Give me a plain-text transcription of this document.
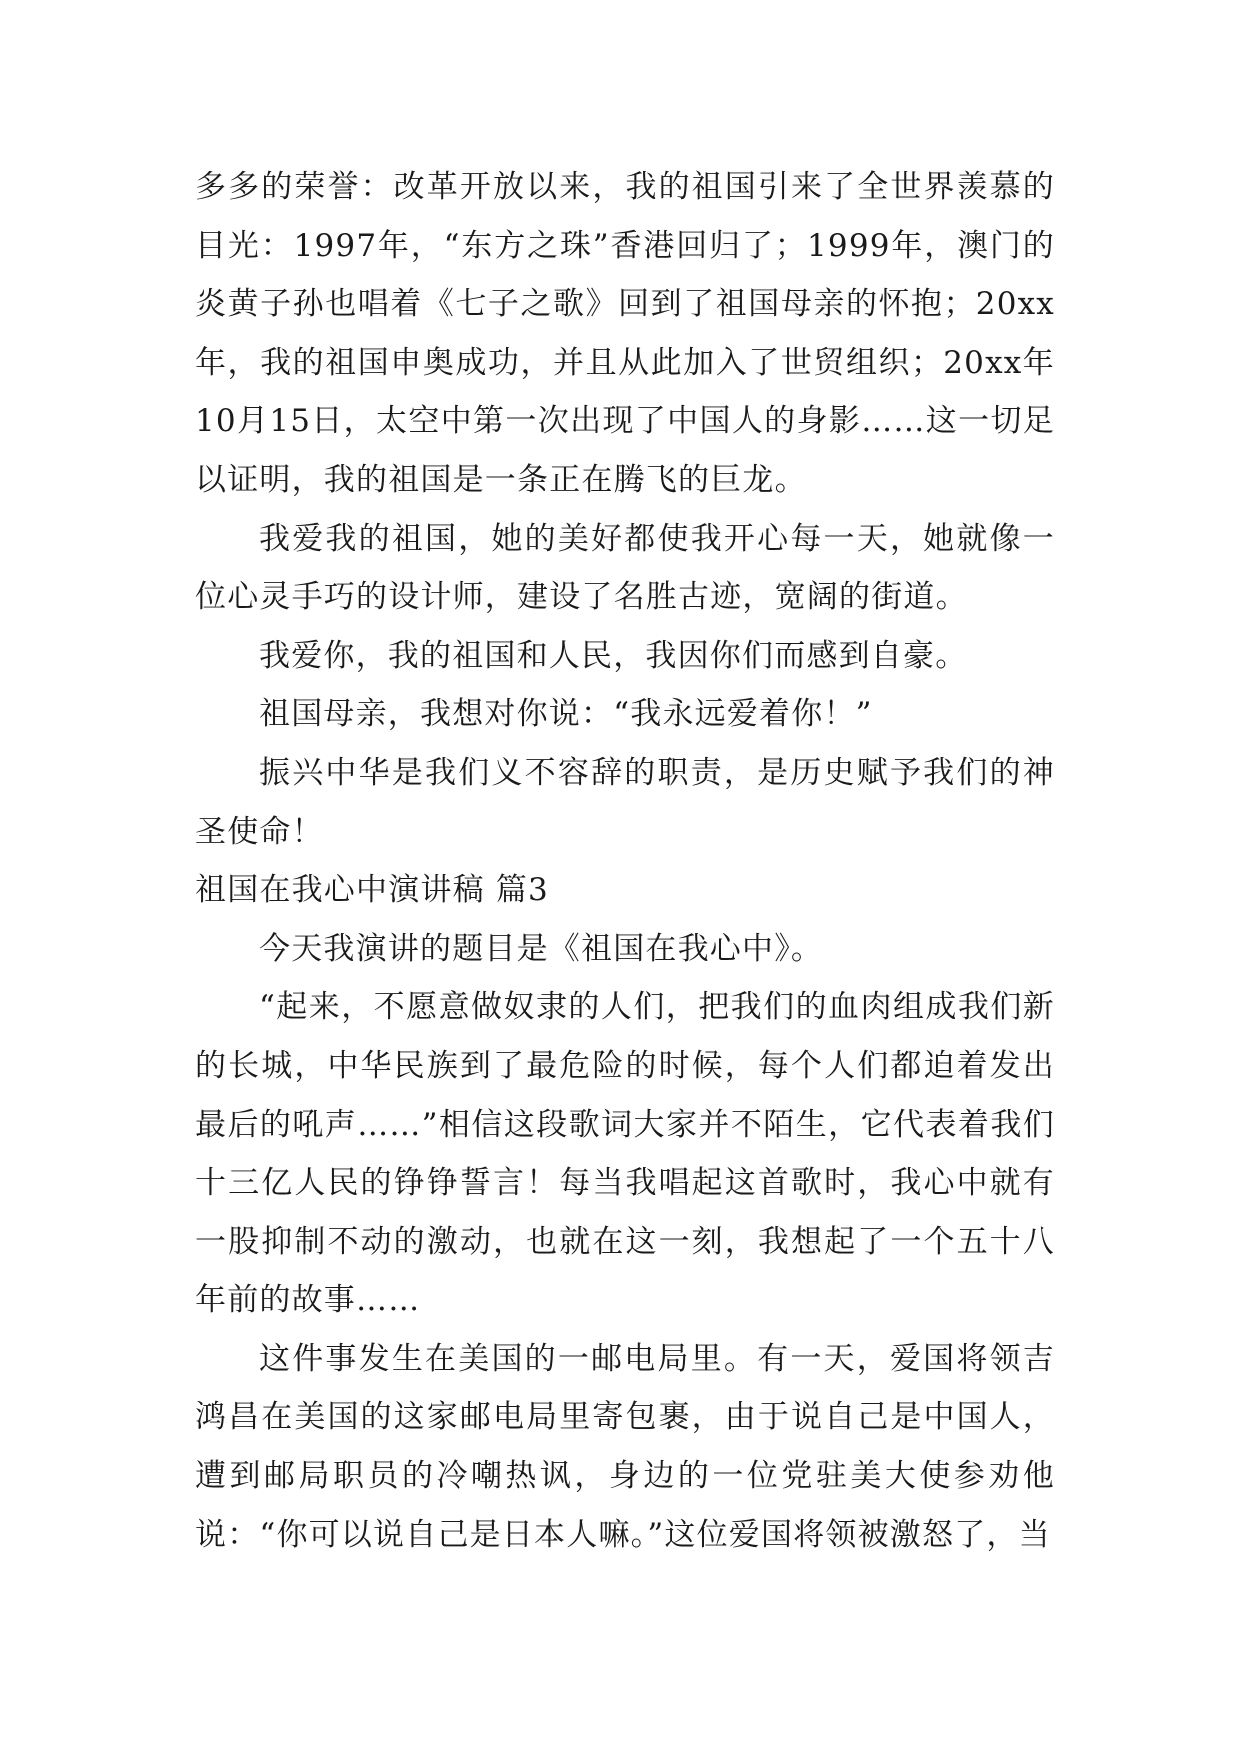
多多的荣誉：改革开放以来，我的祖国引来了全世界羡慕的目光：1997年，“东方之珠”香港回归了；1999年，澳门的炎黄子孙也唱着《七子之歌》回到了祖国母亲的怀抱；20xx年，我的祖国申奥成功，并且从此加入了世贸组织；20xx年10月15日，太空中第一次出现了中国人的身影……这一切足以证明，我的祖国是一条正在腾飞的巨龙。

我爱我的祖国，她的美好都使我开心每一天，她就像一位心灵手巧的设计师，建设了名胜古迹，宽阔的街道。

我爱你，我的祖国和人民，我因你们而感到自豪。

祖国母亲，我想对你说：“我永远爱着你！”

振兴中华是我们义不容辞的职责，是历史赋予我们的神圣使命！

祖国在我心中演讲稿 篇3

今天我演讲的题目是《祖国在我心中》。

“起来，不愿意做奴隶的人们，把我们的血肉组成我们新的长城，中华民族到了最危险的时候，每个人们都迫着发出最后的吼声……”相信这段歌词大家并不陌生，它代表着我们十三亿人民的铮铮誓言！每当我唱起这首歌时，我心中就有一股抑制不动的激动，也就在这一刻，我想起了一个五十八年前的故事……

这件事发生在美国的一邮电局里。有一天，爱国将领吉鸿昌在美国的这家邮电局里寄包裹，由于说自己是中国人，遭到邮局职员的冷嘲热讽，身边的一位党驻美大使参劝他说：“你可以说自己是日本人嘛。”这位爱国将领被激怒了，当
